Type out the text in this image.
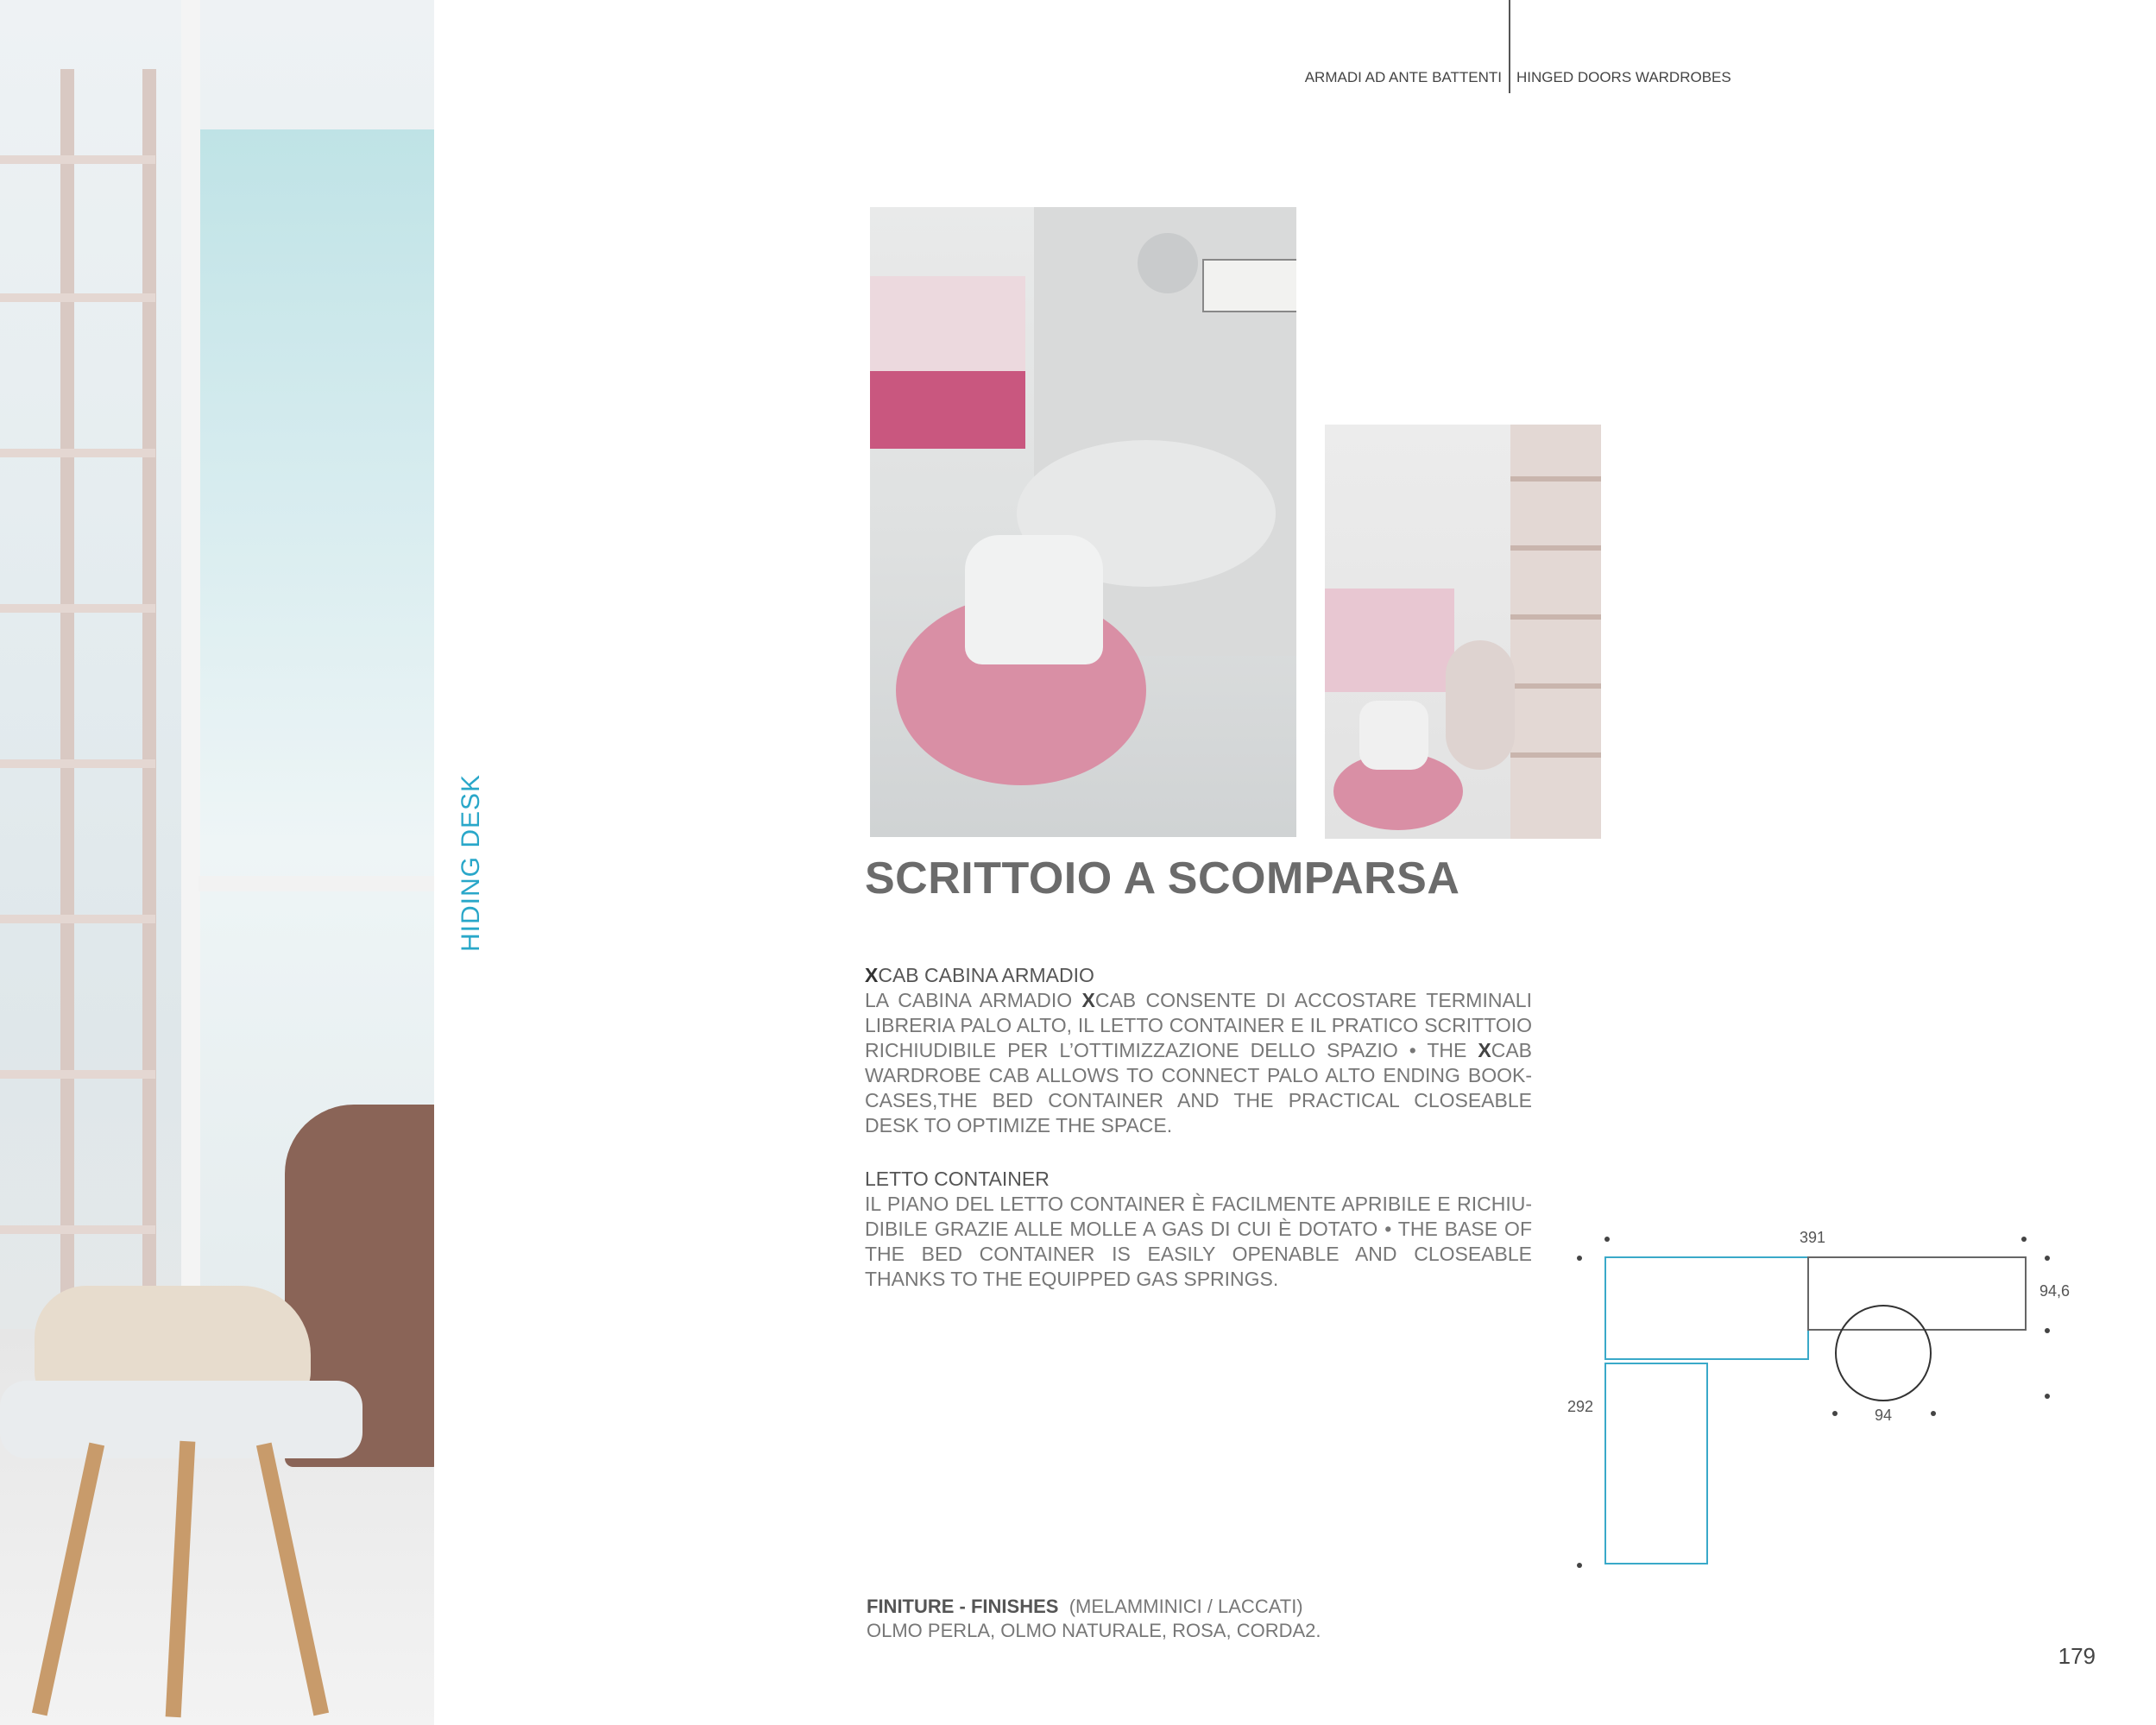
HIDING DESK
ARMADI AD ANTE BATTENTI HINGED DOORS WARDROBES
SCRITTOIO A SCOMPARSA
XCAB CABINA ARMADIO
LA CABINA ARMADIO XCAB CONSENTE DI ACCOSTARE TERMINALI LIBRERIA PALO ALTO, IL LETTO CONTAINER E IL PRATICO SCRITTOIO RICHIUDIBILE PER L’OTTIMIZZAZIONE DELLO SPAZIO • THE XCAB WARDROBE CAB ALLOWS TO CONNECT PALO ALTO ENDING BOOK-CASES,THE BED CONTAINER AND THE PRACTICAL CLOSEABLE DESK TO OPTIMIZE THE SPACE.
LETTO CONTAINER
IL PIANO DEL LETTO CONTAINER È FACILMENTE APRIBILE E RICHIU-DIBILE GRAZIE ALLE MOLLE A GAS DI CUI È DOTATO • THE BASE OF THE BED CONTAINER IS EASILY OPENABLE AND CLOSEABLE THANKS TO THE EQUIPPED GAS SPRINGS.
391
94,6
292	94
FINITURE - FINISHES (MELAMMINICI / LACCATI)
OLMO PERLA, OLMO NATURALE, ROSA, CORDA2.
179
